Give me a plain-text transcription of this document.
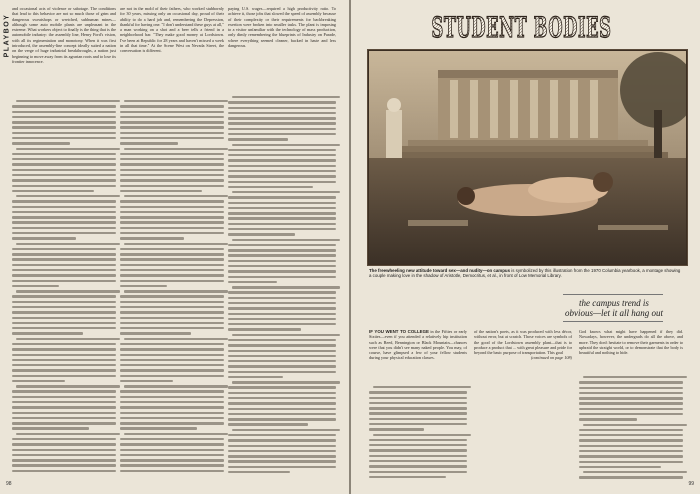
PLAYBOY
and occasional acts of violence or sabotage. The conditions that lead to this behavior are not so much those of grim and dangerous sweatshops or wretched, subhuman mines—although some auto mobile plants are unpleasant in the extreme. What workers object to finally is the thing that is the automobile industry: the assembly line, Henry Ford's vision, with all its regimentation and monotony. When it was first introduced, the assembly-line concept ideally suited a nation on the verge of huge industrial breakthroughs, a nation just beginning to move away from its agrarian roots and to lose its frontier innocence.
are not in the mold of their fathers, who worked stubbornly for 30 years, missing only an occasional day, proud of their ability to do a hard job and, remembering the Depression, thankful for having one. "I don't understand these guys at all," a man working on a shot and a beer tells a friend in a neighborhood bar. "They make good money at Lordstown. I've been at Republic for 28 years and haven't missed a week in all that time." At the Scene West on Nevada Street, the conversation is different.
paying U.S. wages—required a high productivity ratio. To achieve it, those jobs that slowed the speed of assembly because of their complexity or their requirements for backbreaking exertion were broken into smaller tasks. The plant is imposing to a visitor unfamiliar with the technology of mass production, only dimly remembering the blueprints of Industry on Parade, where everything seemed cleaner, backed in haste and less dangerous.
98
STUDENT BODIES
The freewheeling new attitude toward sex—and nudity—on campus is symbolized by this illustration from the 1970 Columbia yearbook, a montage showing a couple making love in the shadow of Aristotle, Democritus, et al., in front of Low Memorial Library.
the campus trend is
obvious—let it all hang out
IF YOU WENT TO COLLEGE in the Fifties or early Sixties—even if you attended a relatively hip institution such as Reed, Bennington or Black Mountain—chances were that you didn't see many naked people. You may, of course, have glimpsed a few of your fellow students during your physical education classes.
of the nation's poets, as it was produced with less décor, without error, but at scratch. Those voices are symbols of the good of the Lordstown assembly plant—that is to produce a product that ... with great pleasure and pride for beyond the basic purpose of transportation. This goal
(continued on page 108)
God knows what might have happened if they did. Nowadays, however, the undergrads do all the above, and more. They don't hesitate to remove their garments in order to upbraid the straight world, or to demonstrate that the body is beautiful and nothing to hide.
99
